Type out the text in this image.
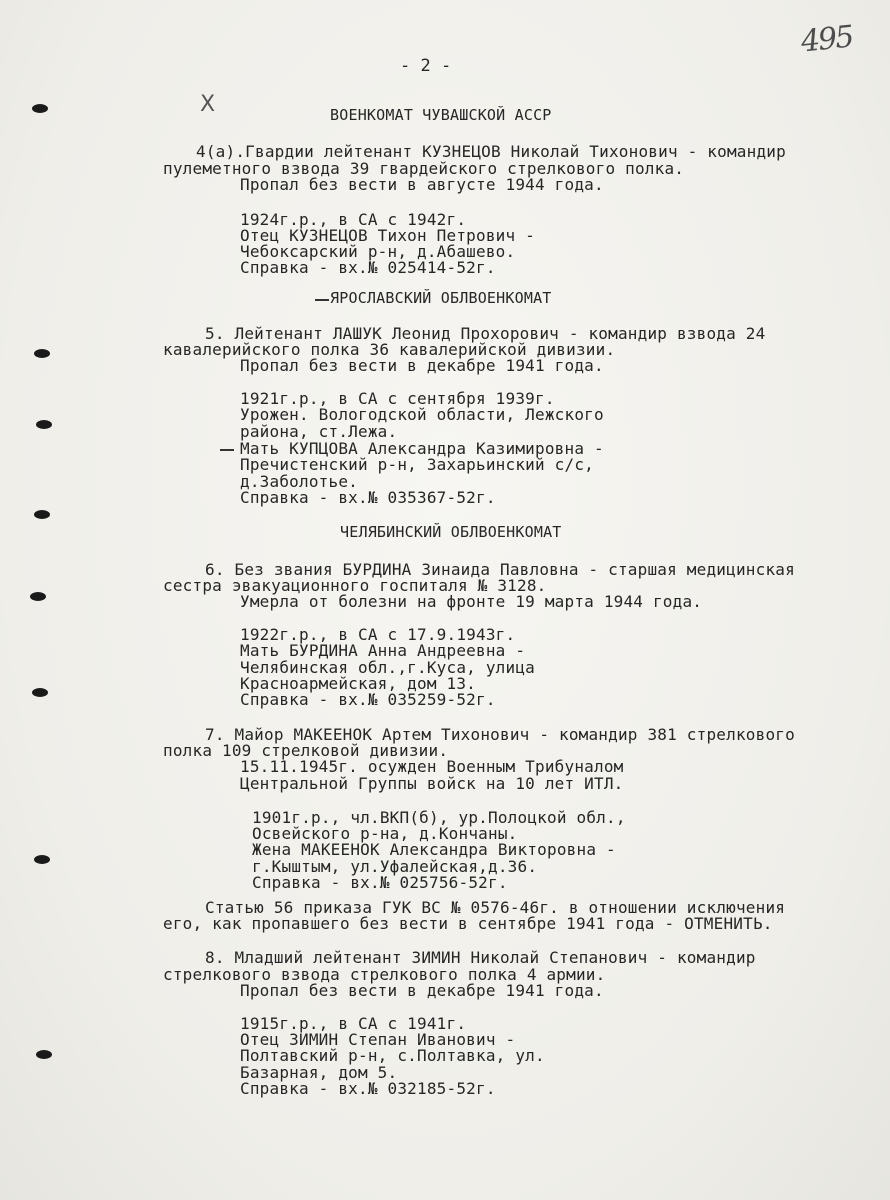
495
- 2 -
X	ВОЕНКОМАТ ЧУВАШСКОЙ АССР
4(а).Гвардии лейтенант КУЗНЕЦОВ Николай Тихонович - командир
пулеметного взвода 39 гвардейского стрелкового полка.
Пропал без вести в августе 1944 года.
1924г.р., в СА с 1942г.
Отец КУЗНЕЦОВ Тихон Петрович -
Чебоксарский р-н, д.Абашево.
Справка - вх.№ 025414-52г.
ЯРОСЛАВСКИЙ ОБЛВОЕНКОМАТ
5. Лейтенант ЛАШУК Леонид Прохорович - командир взвода 24
кавалерийского полка 36 кавалерийской дивизии.
Пропал без вести в декабре 1941 года.
1921г.р., в СА с сентября 1939г.
Урожен. Вологодской области, Лежского
района, ст.Лежа.
Мать КУПЦОВА Александра Казимировна -
Пречистенский р-н, Захарьинский с/с,
д.Заболотье.
Справка - вх.№ 035367-52г.
ЧЕЛЯБИНСКИЙ ОБЛВОЕНКОМАТ
6. Без звания БУРДИНА Зинаида Павловна - старшая медицинская
сестра эвакуационного госпиталя № 3128.
Умерла от болезни на фронте 19 марта 1944 года.
1922г.р., в СА с 17.9.1943г.
Мать БУРДИНА Анна Андреевна -
Челябинская обл.,г.Куса, улица
Красноармейская, дом 13.
Справка - вх.№ 035259-52г.
7. Майор МАКЕЕНОК Артем Тихонович - командир 381 стрелкового
полка 109 стрелковой дивизии.
15.11.1945г. осужден Военным Трибуналом
Центральной Группы войск на 10 лет ИТЛ.
1901г.р., чл.ВКП(б), ур.Полоцкой обл.,
Освейского р-на, д.Кончаны.
Жена МАКЕЕНОК Александра Викторовна -
г.Кыштым, ул.Уфалейская,д.36.
Справка - вх.№ 025756-52г.
Статью 56 приказа ГУК ВС № 0576-46г. в отношении исключения
его, как пропавшего без вести в сентябре 1941 года - ОТМЕНИТЬ.
8. Младший лейтенант ЗИМИН Николай Степанович - командир
стрелкового взвода стрелкового полка 4 армии.
Пропал без вести в декабре 1941 года.
1915г.р., в СА с 1941г.
Отец ЗИМИН Степан Иванович -
Полтавский р-н, с.Полтавка, ул.
Базарная, дом 5.
Справка - вх.№ 032185-52г.
